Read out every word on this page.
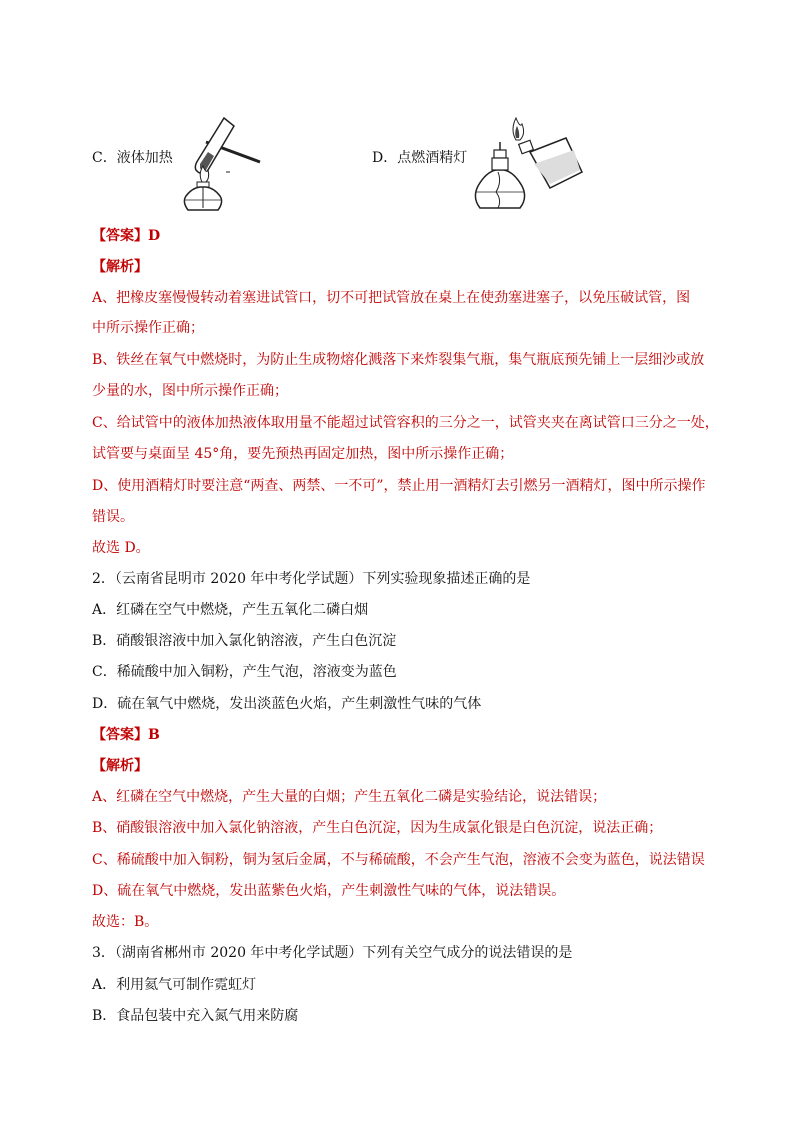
C．液体加热	D．点燃酒精灯
【答案】D
【解析】
A、把橡皮塞慢慢转动着塞进试管口，切不可把试管放在桌上在使劲塞进塞子，以免压破试管，图
中所示操作正确；
B、铁丝在氧气中燃烧时，为防止生成物熔化溅落下来炸裂集气瓶，集气瓶底预先铺上一层细沙或放
少量的水，图中所示操作正确；
C、给试管中的液体加热液体取用量不能超过试管容积的三分之一，试管夹夹在离试管口三分之一处，
试管要与桌面呈 45°角，要先预热再固定加热，图中所示操作正确；
D、使用酒精灯时要注意“两查、两禁、一不可”，禁止用一酒精灯去引燃另一酒精灯，图中所示操作
错误。
故选 D。
2．（云南省昆明市 2020 年中考化学试题）下列实验现象描述正确的是
A．红磷在空气中燃烧，产生五氧化二磷白烟
B．硝酸银溶液中加入氯化钠溶液，产生白色沉淀
C．稀硫酸中加入铜粉，产生气泡，溶液变为蓝色
D．硫在氧气中燃烧，发出淡蓝色火焰，产生刺激性气味的气体
【答案】B
【解析】
A、红磷在空气中燃烧，产生大量的白烟；产生五氧化二磷是实验结论，说法错误；
B、硝酸银溶液中加入氯化钠溶液，产生白色沉淀，因为生成氯化银是白色沉淀，说法正确；
C、稀硫酸中加入铜粉，铜为氢后金属，不与稀硫酸，不会产生气泡，溶液不会变为蓝色，说法错误
D、硫在氧气中燃烧，发出蓝紫色火焰，产生刺激性气味的气体，说法错误。
故选：B。
3．（湖南省郴州市 2020 年中考化学试题）下列有关空气成分的说法错误的是
A．利用氦气可制作霓虹灯
B．食品包装中充入氮气用来防腐
